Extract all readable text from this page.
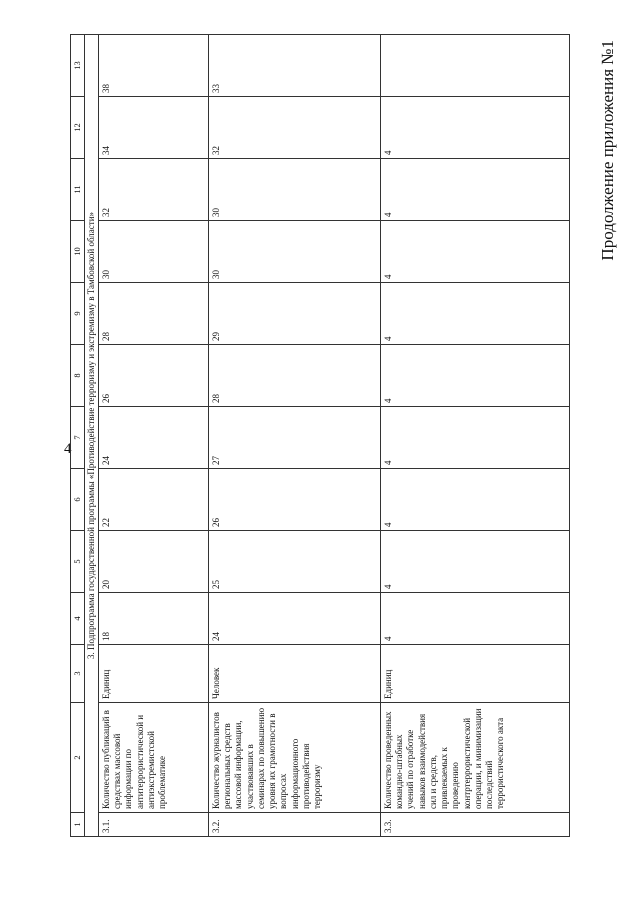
4
Продолжение приложения №1
1	2	3	4	5	6	7	8	9	10	11	12	13
3. Подпрограмма государственной программы «Противодействие терроризму и экстремизму в Тамбовской области»												
3.1.	Количество публикаций в средствах массовой информации по антитеррористической и антиэкстремистской проблематике	Единиц	18	20	22	24	26	28	30	32	34	38
3.2.	Количество журналистов региональных средств массовой информации, участвовавших в семинарах по повышению уровня их грамотности в вопросах информационного противодействия терроризму	Человек	24	25	26	27	28	29	30	30	32	33
3.3.	Количество проведенных командно-штабных учений по отработке навыков взаимодействия сил и средств, привлекаемых к проведению контртеррористической операции, и минимизации последствий террористического акта	Единиц	4	4	4	4	4	4	4	4	4	
